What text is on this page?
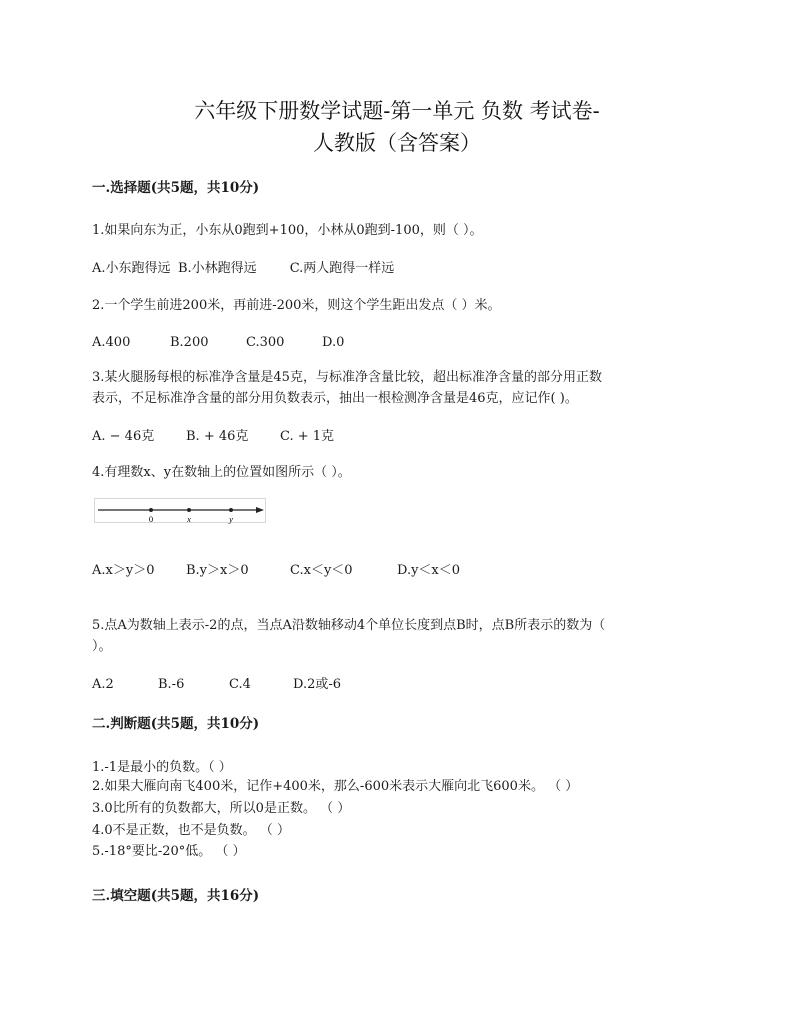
六年级下册数学试题-第一单元 负数 考试卷-
人教版（含答案）
一.选择题(共5题，共10分)
1.如果向东为正，小东从0跑到+100，小林从0跑到-100，则（ ）。
A.小东跑得远 B.小林跑得远	C.两人跑得一样远
2.一个学生前进200米，再前进-200米，则这个学生距出发点（ ）米。
A.400	B.200	C.300	D.0
3.某火腿肠每根的标准净含量是45克，与标准净含量比较，超出标准净含量的部分用正数
表示，不足标准净含量的部分用负数表示，抽出一根检测净含量是46克，应记作( )。
A. − 46克 B. + 46克 C. + 1克
4.有理数x、y在数轴上的位置如图所示（ ）。
0	x	y
A.x＞y＞0 B.y＞x＞0	C.x＜y＜0	D.y＜x＜0
5.点A为数轴上表示-2的点，当点A沿数轴移动4个单位长度到点B时，点B所表示的数为（
）。
A.2	B.-6	C.4	D.2或-6
二.判断题(共5题，共10分)
1.-1是最小的负数。（ ）
2.如果大雁向南飞400米，记作+400米，那么-600米表示大雁向北飞600米。 （ ）
3.0比所有的负数都大，所以0是正数。 （ ）
4.0不是正数，也不是负数。 （ ）
5.-18°要比-20°低。 （ ）
三.填空题(共5题，共16分)
